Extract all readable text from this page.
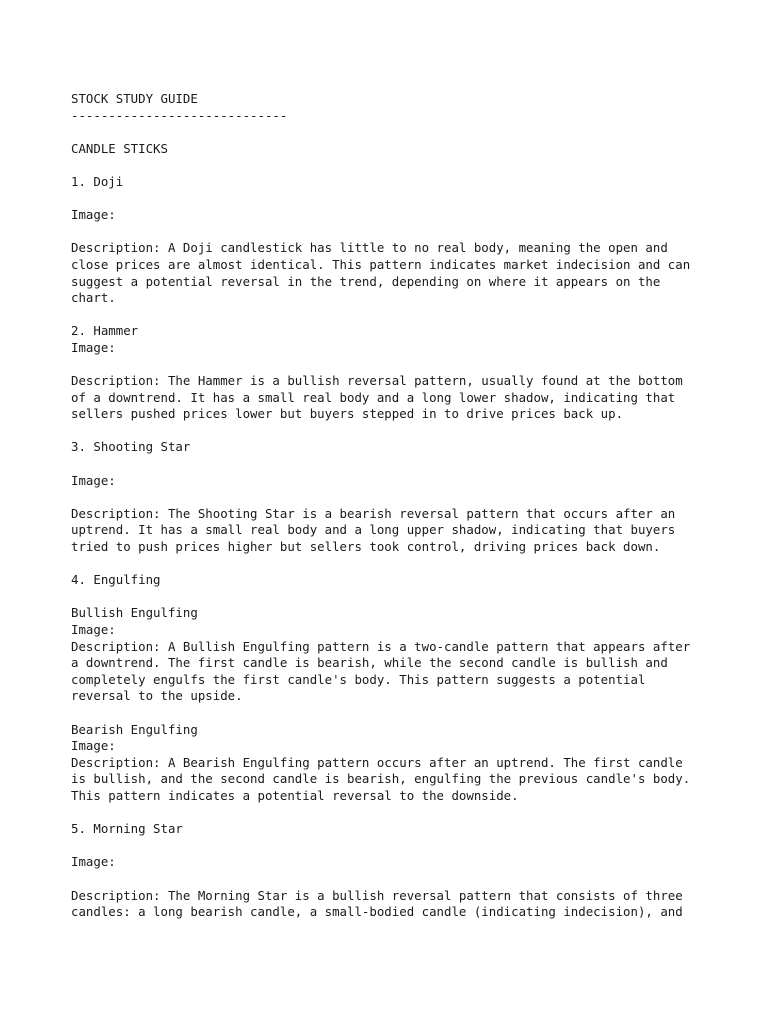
STOCK STUDY GUIDE
-----------------------------
CANDLE STICKS
1. Doji
Image:
Description: A Doji candlestick has little to no real body, meaning the open and
close prices are almost identical. This pattern indicates market indecision and can
suggest a potential reversal in the trend, depending on where it appears on the
chart.
2. Hammer
Image:
Description: The Hammer is a bullish reversal pattern, usually found at the bottom
of a downtrend. It has a small real body and a long lower shadow, indicating that
sellers pushed prices lower but buyers stepped in to drive prices back up.
3. Shooting Star
Image:
Description: The Shooting Star is a bearish reversal pattern that occurs after an
uptrend. It has a small real body and a long upper shadow, indicating that buyers
tried to push prices higher but sellers took control, driving prices back down.
4. Engulfing
Bullish Engulfing
Image:
Description: A Bullish Engulfing pattern is a two-candle pattern that appears after
a downtrend. The first candle is bearish, while the second candle is bullish and
completely engulfs the first candle's body. This pattern suggests a potential
reversal to the upside.
Bearish Engulfing
Image:
Description: A Bearish Engulfing pattern occurs after an uptrend. The first candle
is bullish, and the second candle is bearish, engulfing the previous candle's body.
This pattern indicates a potential reversal to the downside.
5. Morning Star
Image:
Description: The Morning Star is a bullish reversal pattern that consists of three
candles: a long bearish candle, a small-bodied candle (indicating indecision), and
